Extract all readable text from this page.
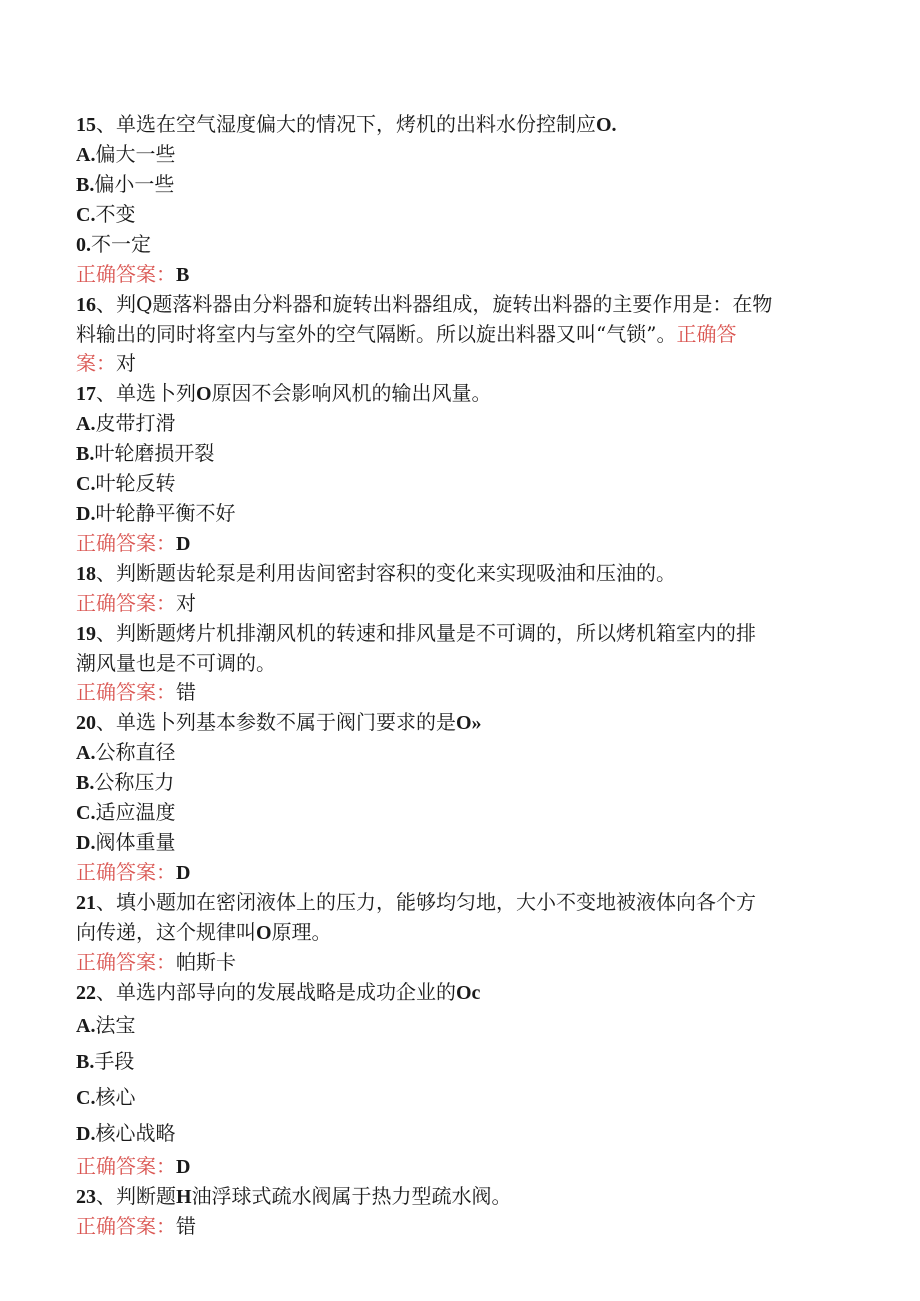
15、单选在空气湿度偏大的情况下，烤机的出料水份控制应O.
A.偏大一些
B.偏小一些
C.不变
0.不一定
正确答案：B
16、判Q题落料器由分料器和旋转出料器组成，旋转出料器的主要作用是：在物
料输出的同时将室内与室外的空气隔断。所以旋出料器又叫“气锁”。正确答
案：对
17、单选卜列O原因不会影响风机的输出风量。
A.皮带打滑
B.叶轮磨损开裂
C.叶轮反转
D.叶轮静平衡不好
正确答案：D
18、判断题齿轮泵是利用齿间密封容积的变化来实现吸油和压油的。
正确答案：对
19、判断题烤片机排潮风机的转速和排风量是不可调的，所以烤机箱室内的排
潮风量也是不可调的。
正确答案：错
20、单选卜列基本参数不属于阀门要求的是O»
A.公称直径
B.公称压力
C.适应温度
D.阀体重量
正确答案：D
21、填小题加在密闭液体上的压力，能够均匀地，大小不变地被液体向各个方
向传递，这个规律叫O原理。
正确答案：帕斯卡
22、单选内部导向的发展战略是成功企业的Oc
A.法宝
B.手段
C.核心
D.核心战略
正确答案：D
23、判断题H油浮球式疏水阀属于热力型疏水阀。
正确答案：错
